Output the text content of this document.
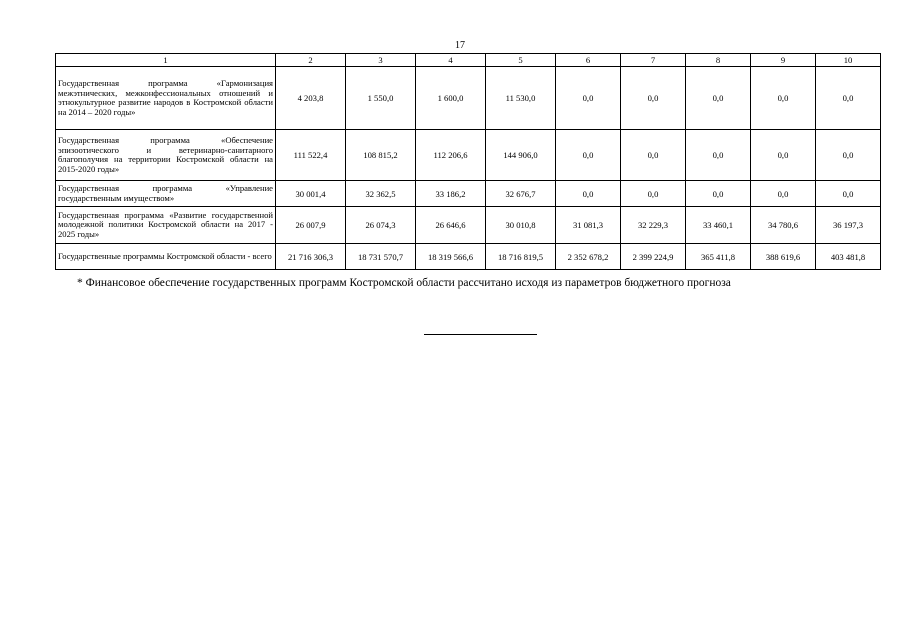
17
1	2	3	4	5	6	7	8	9	10
Государственная программа «Гармонизация межэтнических, межконфессиональных отношений и этнокультурное развитие народов в Костромской области на 2014 – 2020 годы»	4 203,8	1 550,0	1 600,0	11 530,0	0,0	0,0	0,0	0,0	0,0
Государственная программа «Обеспечение эпизоотического и ветеринарно-санитарного благополучия на территории Костромской области на 2015-2020 годы»	111 522,4	108 815,2	112 206,6	144 906,0	0,0	0,0	0,0	0,0	0,0
Государственная программа «Управление государственным имуществом»	30 001,4	32 362,5	33 186,2	32 676,7	0,0	0,0	0,0	0,0	0,0
Государственная программа «Развитие государственной молодежной политики Костромской области на 2017 - 2025 годы»	26 007,9	26 074,3	26 646,6	30 010,8	31 081,3	32 229,3	33 460,1	34 780,6	36 197,3
Государственные программы Костромской области - всего	21 716 306,3	18 731 570,7	18 319 566,6	18 716 819,5	2 352 678,2	2 399 224,9	365 411,8	388 619,6	403 481,8
* Финансовое обеспечение государственных программ Костромской области рассчитано исходя из параметров бюджетного прогноза
